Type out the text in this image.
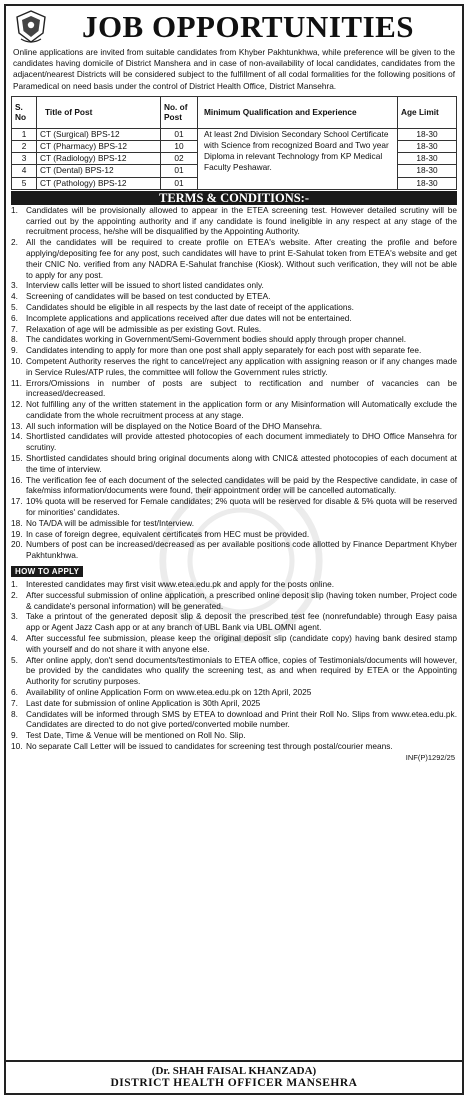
JOB OPPORTUNITIES
Online applications are invited from suitable candidates from Khyber Pakhtunkhwa, while preference will be given to the candidates having domicile of District Manshera and in case of non-availability of local candidates, candidates from the adjacent/nearest Districts will be considered subject to the fulfillment of all codal formalities for the following positions of Paramedical on need basis under the control of District Health Office, District Mansehra.
S. No	Title of Post	No. of Post	Minimum Qualification and Experience	Age Limit
1	CT (Surgical) BPS-12	01	At least 2nd Division Secondary School Certificate with Science from recognized Board and Two year Diploma in relevant Technology from KP Medical Faculty Peshawar.	18-30
2	CT (Pharmacy) BPS-12	10		18-30
3	CT (Radiology) BPS-12	02		18-30
4	CT (Dental) BPS-12	01		18-30
5	CT (Pathology) BPS-12	01		18-30
TERMS & CONDITIONS:-
1. Candidates will be provisionally allowed to appear in the ETEA screening test. However detailed scrutiny will be carried out by the appointing authority and if any candidate is found ineligible in any respect at any stage of the recruitment process, he/she will be disqualified by the Appointing Authority.
2. All the candidates will be required to create profile on ETEA's website. After creating the profile and before applying/depositing fee for any post, such candidates will have to print E-Sahulat token from ETEA's website and get their CNIC No. verified from any NADRA E-Sahulat franchise (Kiosk). Without such verification, they will not be able to apply for any post.
3. Interview calls letter will be issued to short listed candidates only.
4. Screening of candidates will be based on test conducted by ETEA.
5. Candidates should be eligible in all respects by the last date of receipt of the applications.
6. Incomplete applications and applications received after due dates will not be entertained.
7. Relaxation of age will be admissible as per existing Govt. Rules.
8. The candidates working in Government/Semi-Government bodies should apply through proper channel.
9. Candidates intending to apply for more than one post shall apply separately for each post with separate fee.
10. Competent Authority reserves the right to cancel/reject any application with assigning reason or if any changes made in Service Rules/ATP rules, the committee will follow the Government rules strictly.
11. Errors/Omissions in number of posts are subject to rectification and number of vacancies can be increased/decreased.
12. Not fulfilling any of the written statement in the application form or any Misinformation will Automatically exclude the candidate from the whole recruitment process at any stage.
13. All such information will be displayed on the Notice Board of the DHO Mansehra.
14. Shortlisted candidates will provide attested photocopies of each document immediately to DHO Office Mansehra for scrutiny.
15. Shortlisted candidates should bring original documents along with CNIC& attested photocopies of each document at the time of interview.
16. The verification fee of each document of the selected candidates will be paid by the Respective candidate, in case of fake/miss information/documents were found, their appointment order will be cancelled automatically.
17. 10% quota will be reserved for Female candidates; 2% quota will be reserved for disable & 5% quota will be reserved for minorities' candidates.
18. No TA/DA will be admissible for test/Interview.
19. In case of foreign degree, equivalent certificates from HEC must be provided.
20. Numbers of post can be increased/decreased as per available positions code allotted by Finance Department Khyber Pakhtunkhwa.
HOW TO APPLY
1. Interested candidates may first visit www.etea.edu.pk and apply for the posts online.
2. After successful submission of online application, a prescribed online deposit slip (having token number, Project code & candidate's personal information) will be generated.
3. Take a printout of the generated deposit slip & deposit the prescribed test fee (nonrefundable) through Easy paisa app or Agent Jazz Cash app or at any branch of UBL Bank via UBL OMNI agent.
4. After successful fee submission, please keep the original deposit slip (candidate copy) having bank desired stamp with yourself and do not share it with anyone else.
5. After online apply, don't send documents/testimonials to ETEA office, copies of Testimonials/documents will however, be provided by the candidates who qualify the screening test, as and when required by ETEA or the Appointing Authority for scrutiny purposes.
6. Availability of online Application Form on www.etea.edu.pk on 12th April, 2025
7. Last date for submission of online Application is 30th April, 2025
8. Candidates will be informed through SMS by ETEA to download and Print their Roll No. Slips from www.etea.edu.pk. Candidates are directed to do not give ported/converted mobile number.
9. Test Date, Time & Venue will be mentioned on Roll No. Slip.
10. No separate Call Letter will be issued to candidates for screening test through postal/courier means.
INF(P)1292/25
(Dr. SHAH FAISAL KHANZADA)
DISTRICT HEALTH OFFICER MANSEHRA
